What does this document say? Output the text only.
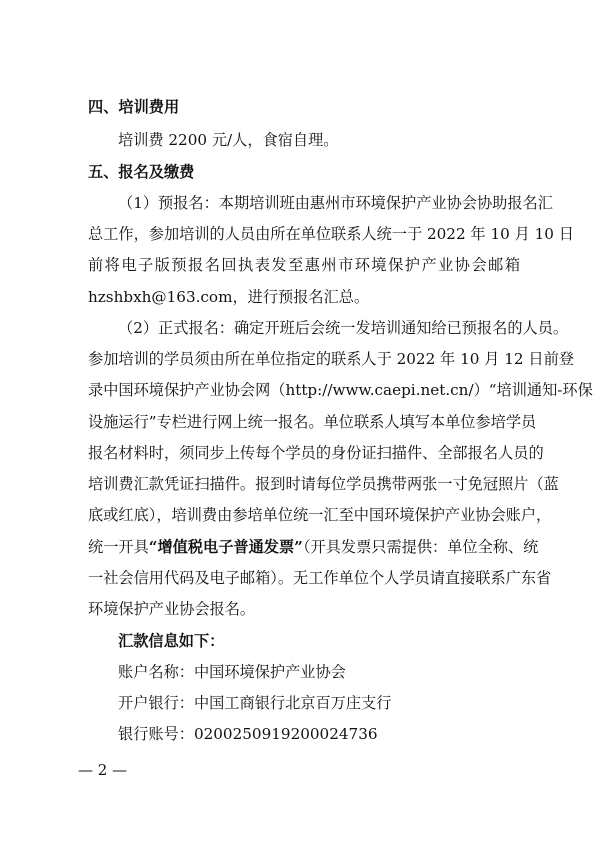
四、培训费用
培训费 2200 元/人，食宿自理。
五、报名及缴费
（1）预报名：本期培训班由惠州市环境保护产业协会协助报名汇
总工作，参加培训的人员由所在单位联系人统一于 2022 年 10 月 10 日
前将电子版预报名回执表发至惠州市环境保护产业协会邮箱
hzshbxh@163.com，进行预报名汇总。
（2）正式报名：确定开班后会统一发培训通知给已预报名的人员。
参加培训的学员须由所在单位指定的联系人于 2022 年 10 月 12 日前登
录中国环境保护产业协会网（http://www.caepi.net.cn/）“培训通知-环保
设施运行”专栏进行网上统一报名。单位联系人填写本单位参培学员
报名材料时，须同步上传每个学员的身份证扫描件、全部报名人员的
培训费汇款凭证扫描件。报到时请每位学员携带两张一寸免冠照片（蓝
底或红底），培训费由参培单位统一汇至中国环境保护产业协会账户，
统一开具“增值税电子普通发票”（开具发票只需提供：单位全称、统
一社会信用代码及电子邮箱）。无工作单位个人学员请直接联系广东省
环境保护产业协会报名。
汇款信息如下：
账户名称：中国环境保护产业协会
开户银行：中国工商银行北京百万庄支行
银行账号：0200250919200024736
— 2 —
